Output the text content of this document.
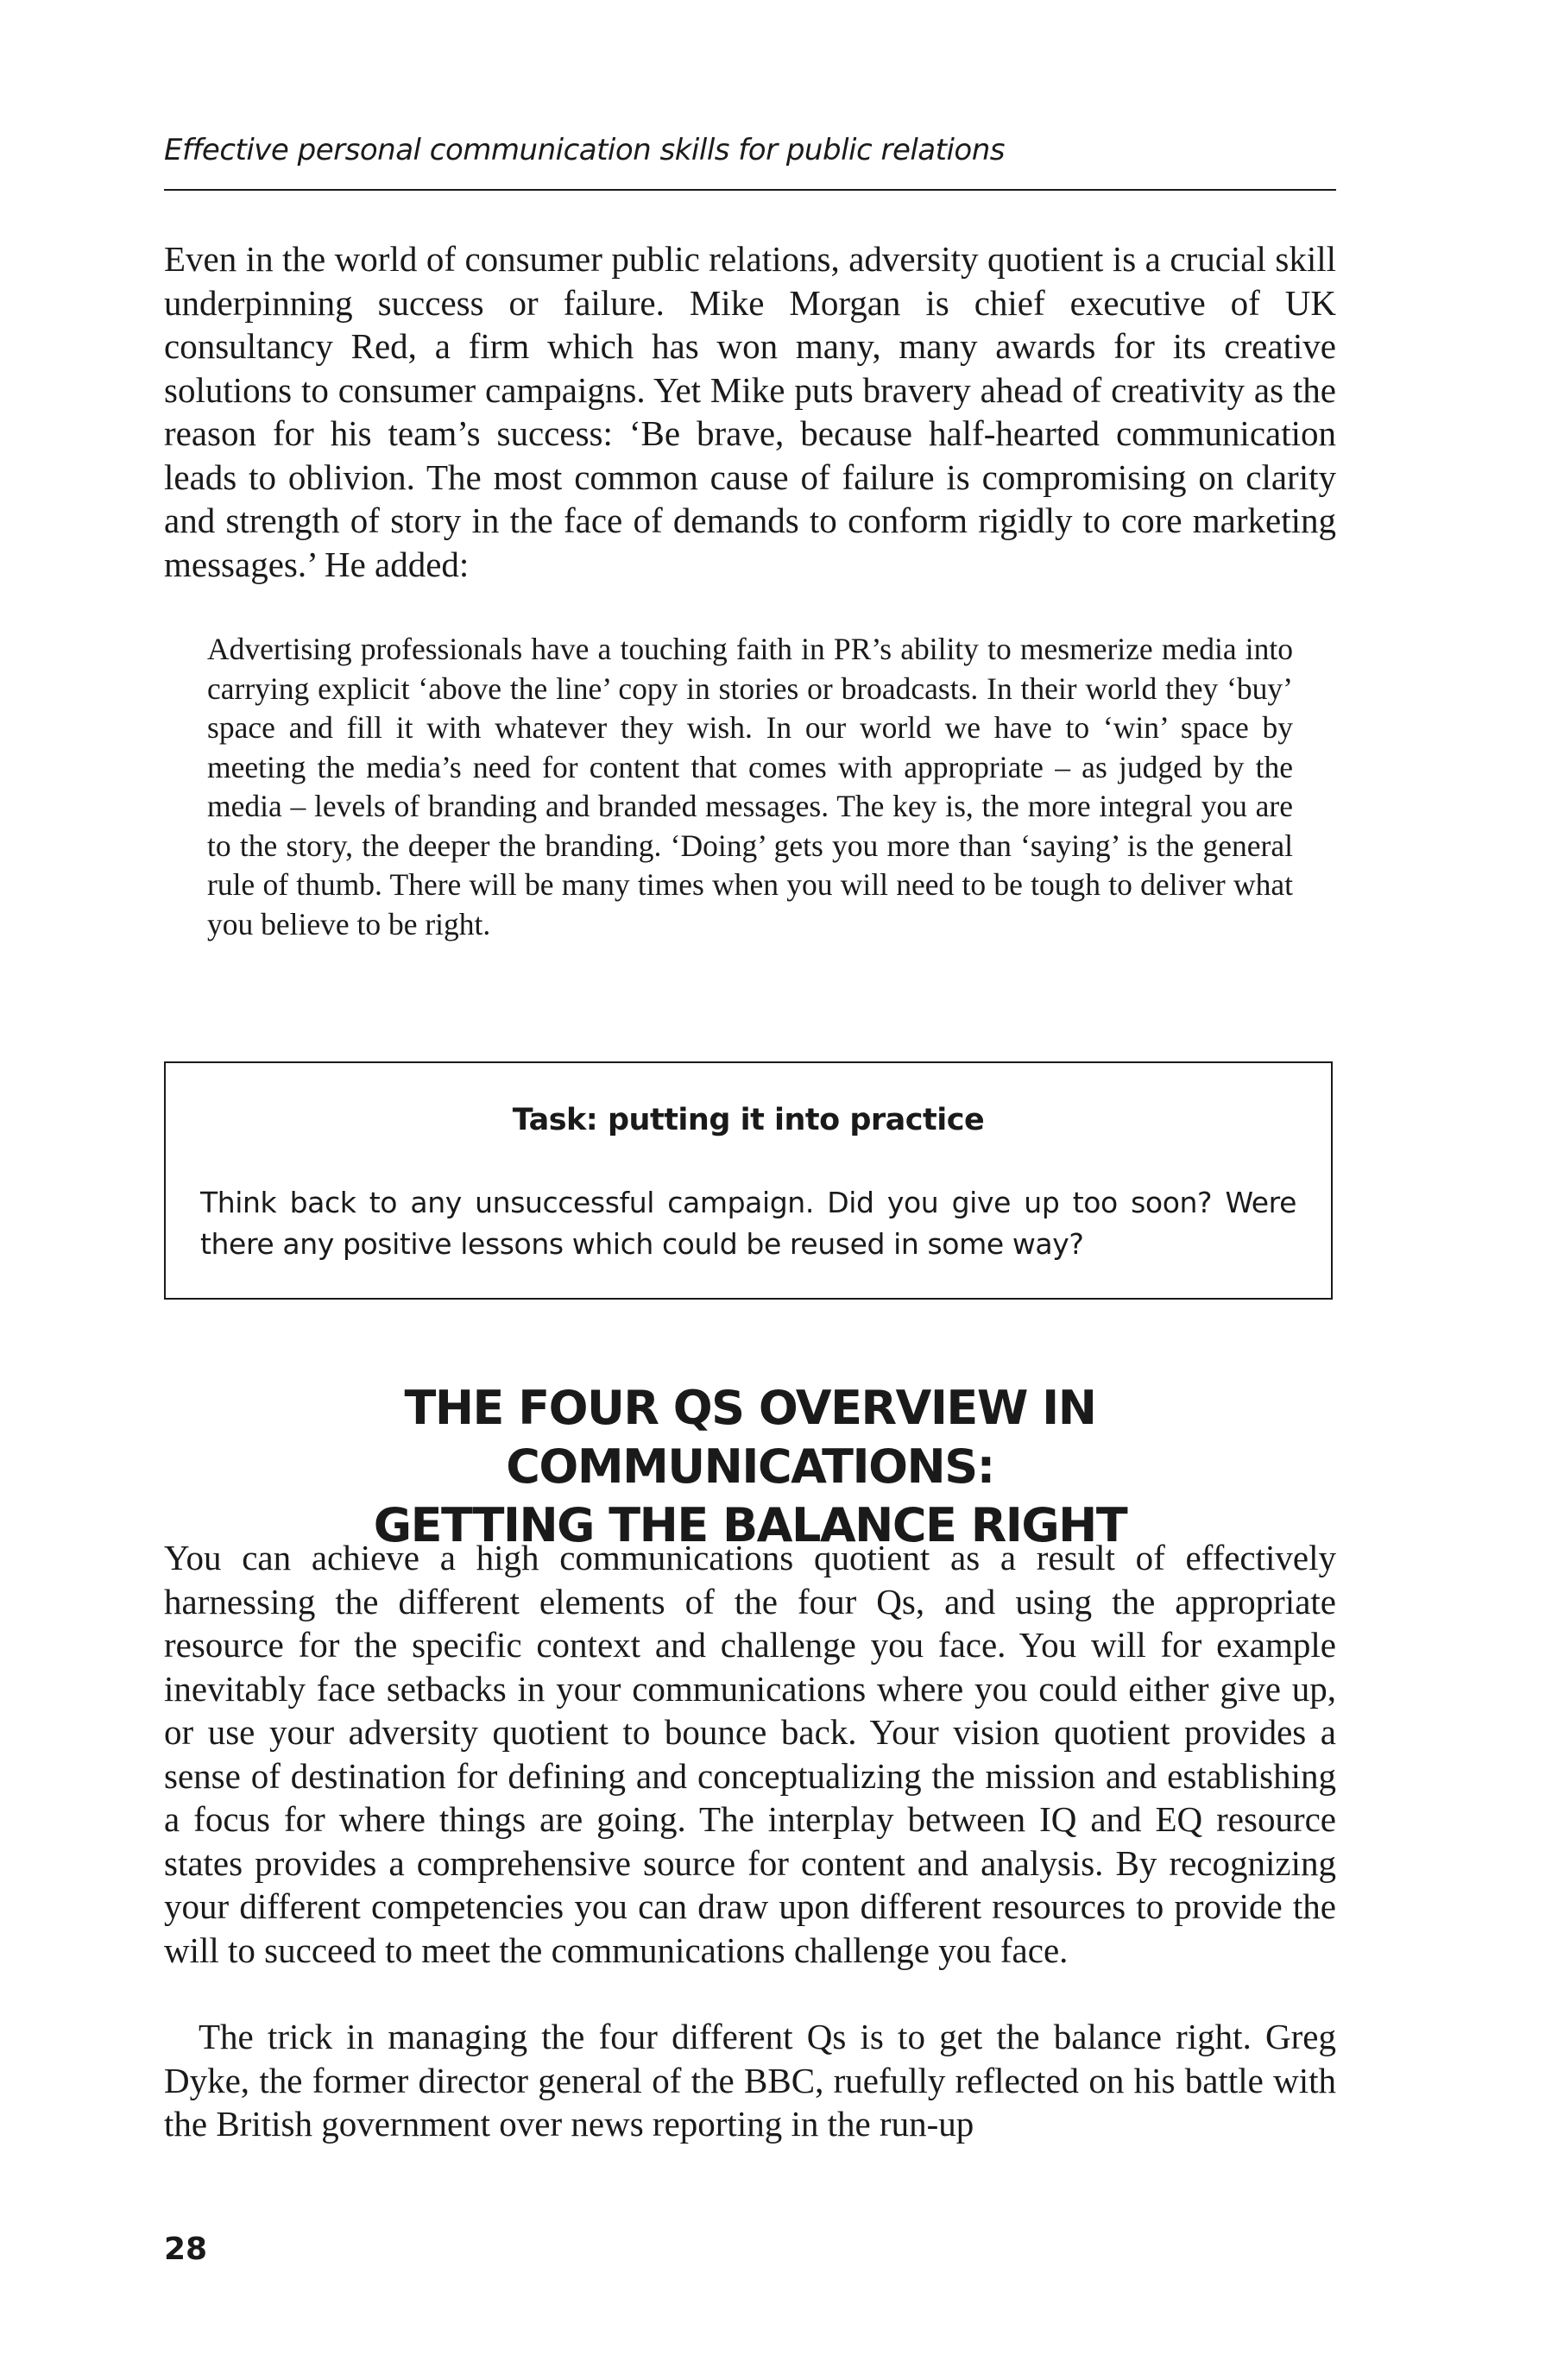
Effective personal communication skills for public relations

Even in the world of consumer public relations, adversity quotient is a crucial skill underpinning success or failure. Mike Morgan is chief executive of UK consultancy Red, a firm which has won many, many awards for its creative solutions to consumer campaigns. Yet Mike puts bravery ahead of creativity as the reason for his team’s success: ‘Be brave, because half-hearted communication leads to oblivion. The most common cause of failure is compromising on clarity and strength of story in the face of demands to conform rigidly to core marketing messages.’ He added:

Advertising professionals have a touching faith in PR’s ability to mesmerize media into carrying explicit ‘above the line’ copy in stories or broadcasts. In their world they ‘buy’ space and fill it with whatever they wish. In our world we have to ‘win’ space by meeting the media’s need for content that comes with appropriate – as judged by the media – levels of branding and branded messages. The key is, the more integral you are to the story, the deeper the branding. ‘Doing’ gets you more than ‘saying’ is the general rule of thumb. There will be many times when you will need to be tough to deliver what you believe to be right.

Task: putting it into practice
Think back to any unsuccessful campaign. Did you give up too soon? Were there any positive lessons which could be reused in some way?
THE FOUR QS OVERVIEW IN COMMUNICATIONS:
GETTING THE BALANCE RIGHT

You can achieve a high communications quotient as a result of effectively harnessing the different elements of the four Qs, and using the appropriate resource for the specific context and challenge you face. You will for example inevitably face setbacks in your communications where you could either give up, or use your adversity quotient to bounce back. Your vision quotient provides a sense of destination for defining and conceptualizing the mission and establishing a focus for where things are going. The interplay between IQ and EQ resource states provides a comprehensive source for content and analysis. By recognizing your different competencies you can draw upon different resources to provide the will to succeed to meet the communications challenge you face.

The trick in managing the four different Qs is to get the balance right. Greg Dyke, the former director general of the BBC, ruefully reflected on his battle with the British government over news reporting in the run-up

28
